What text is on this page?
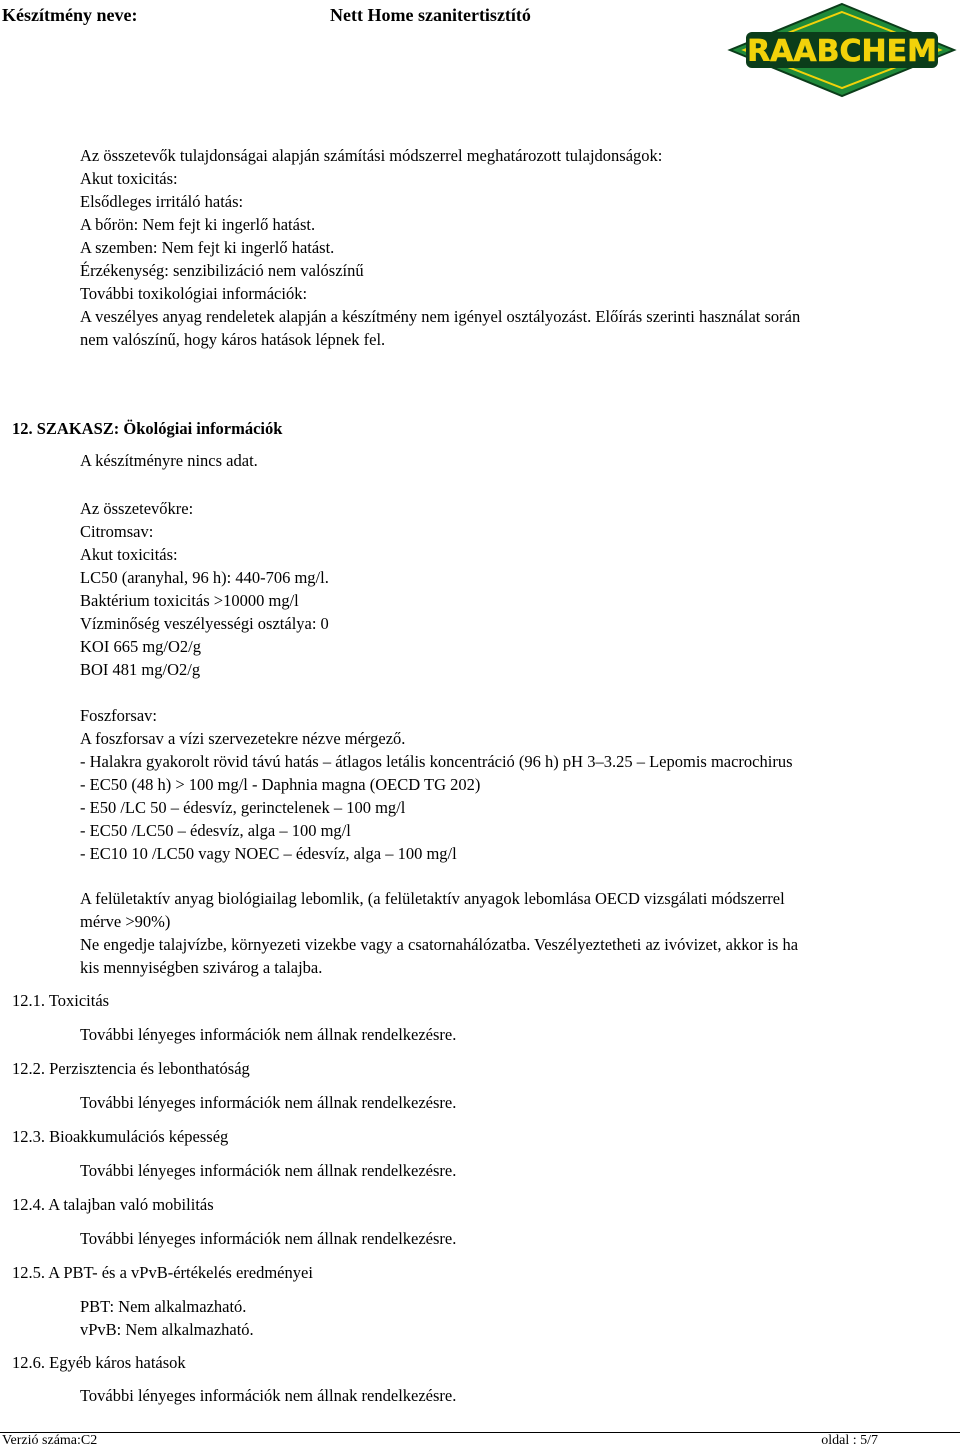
Készítmény neve:	Nett Home szanitertisztító
RAABCHEM
Az összetevők tulajdonságai alapján számítási módszerrel meghatározott tulajdonságok:
Akut toxicitás:
Elsődleges irritáló hatás:
A bőrön: Nem fejt ki ingerlő hatást.
A szemben: Nem fejt ki ingerlő hatást.
Érzékenység: senzibilizáció nem valószínű
További toxikológiai információk:
A veszélyes anyag rendeletek alapján a készítmény nem igényel osztályozást. Előírás szerinti használat során
nem valószínű, hogy káros hatások lépnek fel.
12. SZAKASZ: Ökológiai információk
A készítményre nincs adat.
Az összetevőkre:
Citromsav:
Akut toxicitás:
LC50 (aranyhal, 96 h): 440-706 mg/l.
Baktérium toxicitás >10000 mg/l
Vízminőség veszélyességi osztálya: 0
KOI 665 mg/O2/g
BOI 481 mg/O2/g
Foszforsav:
A foszforsav a vízi szervezetekre nézve mérgező.
- Halakra gyakorolt rövid távú hatás – átlagos letális koncentráció (96 h) pH 3–3.25 – Lepomis macrochirus
- EC50 (48 h) > 100 mg/l - Daphnia magna (OECD TG 202)
- E50 /LC 50 – édesvíz, gerinctelenek – 100 mg/l
- EC50 /LC50 – édesvíz, alga – 100 mg/l
- EC10 10 /LC50 vagy NOEC – édesvíz, alga – 100 mg/l
A felületaktív anyag biológiailag lebomlik, (a felületaktív anyagok lebomlása OECD vizsgálati módszerrel
mérve >90%)
Ne engedje talajvízbe, környezeti vizekbe vagy a csatornahálózatba. Veszélyeztetheti az ivóvizet, akkor is ha
kis mennyiségben szivárog a talajba.
12.1. Toxicitás
További lényeges információk nem állnak rendelkezésre.
12.2. Perzisztencia és lebonthatóság
További lényeges információk nem állnak rendelkezésre.
12.3. Bioakkumulációs képesség
További lényeges információk nem állnak rendelkezésre.
12.4. A talajban való mobilitás
További lényeges információk nem állnak rendelkezésre.
12.5. A PBT- és a vPvB-értékelés eredményei
PBT: Nem alkalmazható.
vPvB: Nem alkalmazható.
12.6. Egyéb káros hatások
További lényeges információk nem állnak rendelkezésre.
Verzió száma:C2	oldal : 5/7
